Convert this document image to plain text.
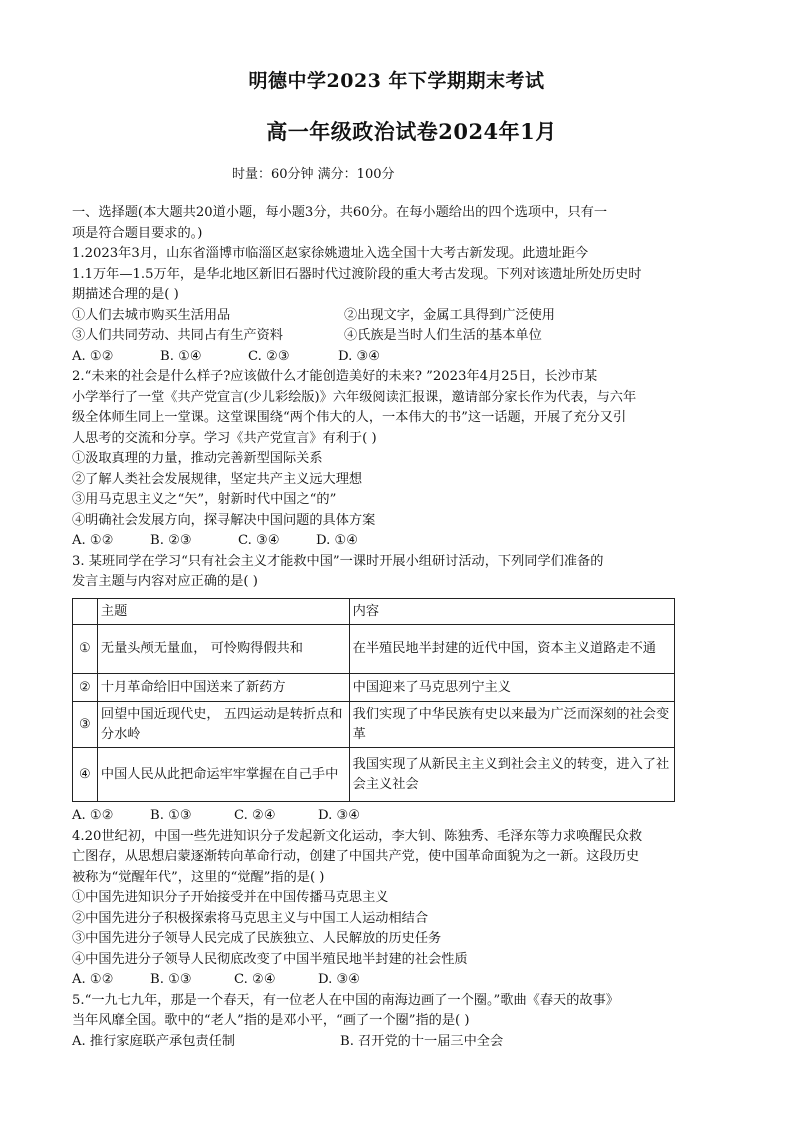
明德中学2023 年下学期期末考试
高一年级政治试卷2024年1月
时量：60分钟 满分：100分
一、选择题(本大题共20道小题，每小题3分，共60分。在每小题给出的四个选项中，只有一
项是符合题目要求的。)
1.2023年3月，山东省淄博市临淄区赵家徐姚遗址入选全国十大考古新发现。此遗址距今
1.1万年—1.5万年，是华北地区新旧石器时代过渡阶段的重大考古发现。下列对该遗址所处历史时
期描述合理的是( )
①人们去城市购买生活用品	②出现文字，金属工具得到广泛使用
③人们共同劳动、共同占有生产资料	④氏族是当时人们生活的基本单位
A. ①②	B. ①④	C. ②③	D. ③④
2.“未来的社会是什么样子?应该做什么才能创造美好的未来? ”2023年4月25日，长沙市某
小学举行了一堂《共产党宣言(少儿彩绘版)》六年级阅读汇报课，邀请部分家长作为代表，与六年
级全体师生同上一堂课。这堂课围绕“两个伟大的人，一本伟大的书”这一话题，开展了充分又引
人思考的交流和分享。学习《共产党宣言》有利于( )
①汲取真理的力量，推动完善新型国际关系
②了解人类社会发展规律，坚定共产主义远大理想
③用马克思主义之“矢”，射新时代中国之“的”
④明确社会发展方向，探寻解决中国问题的具体方案
A. ①②	B. ②③	C. ③④	D. ①④
3. 某班同学在学习“只有社会主义才能救中国”一课时开展小组研讨活动，下列同学们准备的
发言主题与内容对应正确的是( )
	主题	内容
①	无量头颅无量血， 可怜购得假共和	在半殖民地半封建的近代中国，资本主义道路走不通
②	十月革命给旧中国送来了新药方	中国迎来了马克思列宁主义
③	回望中国近现代史， 五四运动是转折点和分水岭	我们实现了中华民族有史以来最为广泛而深刻的社会变革
④	中国人民从此把命运牢牢掌握在自己手中	我国实现了从新民主主义到社会主义的转变，进入了社会主义社会
A. ①②	B. ①③	C. ②④	D. ③④
4.20世纪初，中国一些先进知识分子发起新文化运动，李大钊、陈独秀、毛泽东等力求唤醒民众救
亡图存，从思想启蒙逐渐转向革命行动，创建了中国共产党，使中国革命面貌为之一新。这段历史
被称为“觉醒年代”，这里的“觉醒”指的是( )
①中国先进知识分子开始接受并在中国传播马克思主义
②中国先进分子积极探索将马克思主义与中国工人运动相结合
③中国先进分子领导人民完成了民族独立、人民解放的历史任务
④中国先进分子领导人民彻底改变了中国半殖民地半封建的社会性质
A. ①②	B. ①③	C. ②④	D. ③④
5.“一九七九年，那是一个春天，有一位老人在中国的南海边画了一个圈。”歌曲《春天的故事》
当年风靡全国。歌中的“老人”指的是邓小平，“画了一个圈”指的是( )
A. 推行家庭联产承包责任制	B. 召开党的十一届三中全会
